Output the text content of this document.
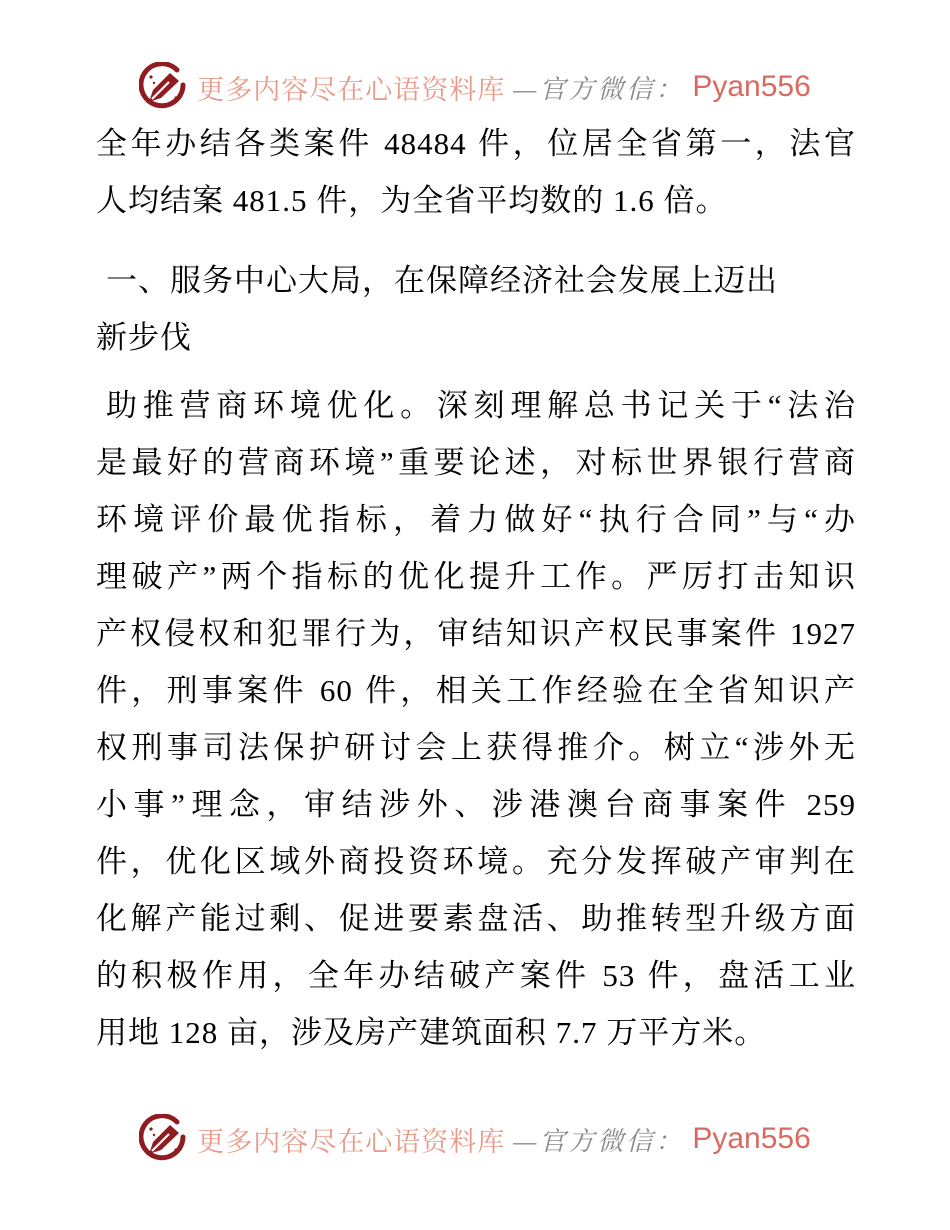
更多内容尽在心语资料库 —官方微信： Pyan556
全年办结各类案件 48484 件，位居全省第一，法官
人均结案 481.5 件，为全省平均数的 1.6 倍。
一、服务中心大局，在保障经济社会发展上迈出
新步伐
助推营商环境优化。深刻理解总书记关于“法治
是最好的营商环境”重要论述，对标世界银行营商
环境评价最优指标，着力做好“执行合同”与“办
理破产”两个指标的优化提升工作。严厉打击知识
产权侵权和犯罪行为，审结知识产权民事案件 1927
件，刑事案件 60 件，相关工作经验在全省知识产
权刑事司法保护研讨会上获得推介。树立“涉外无
小事”理念，审结涉外、涉港澳台商事案件 259
件，优化区域外商投资环境。充分发挥破产审判在
化解产能过剩、促进要素盘活、助推转型升级方面
的积极作用，全年办结破产案件 53 件，盘活工业
用地 128 亩，涉及房产建筑面积 7.7 万平方米。
更多内容尽在心语资料库 —官方微信： Pyan556
